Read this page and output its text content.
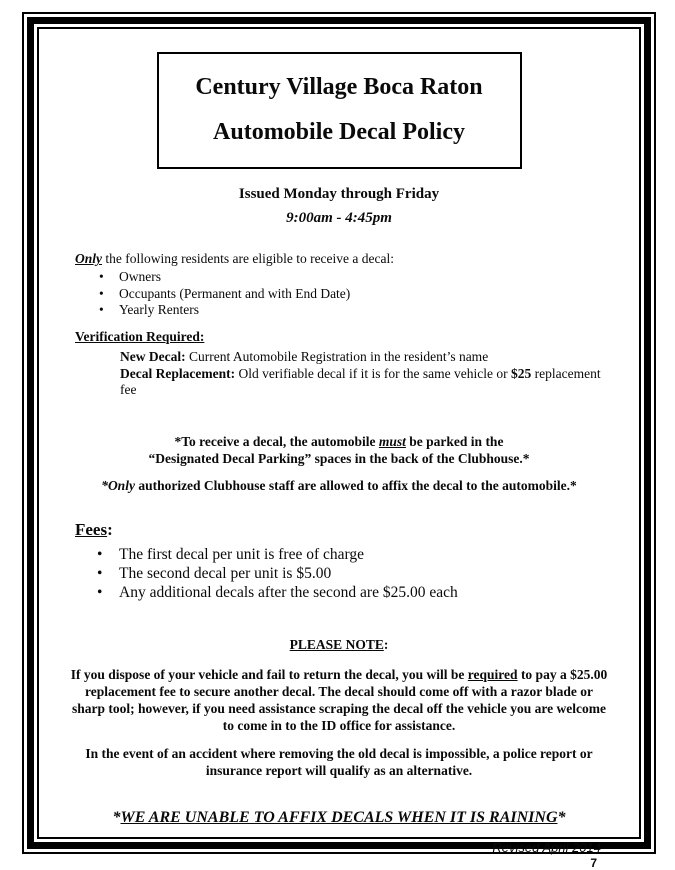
Century Village Boca Raton
Automobile Decal Policy
Issued Monday through Friday
9:00am - 4:45pm
Only the following residents are eligible to receive a decal:
• Owners
• Occupants (Permanent and with End Date)
• Yearly Renters
Verification Required:
New Decal: Current Automobile Registration in the resident’s name
Decal Replacement: Old verifiable decal if it is for the same vehicle or $25 replacement fee
*To receive a decal, the automobile must be parked in the
“Designated Decal Parking” spaces in the back of the Clubhouse.*
*Only authorized Clubhouse staff are allowed to affix the decal to the automobile.*
Fees:
• The first decal per unit is free of charge
• The second decal per unit is $5.00
• Any additional decals after the second are $25.00 each
PLEASE NOTE:
If you dispose of your vehicle and fail to return the decal, you will be required to pay a $25.00 replacement fee to secure another decal. The decal should come off with a razor blade or sharp tool; however, if you need assistance scraping the decal off the vehicle you are welcome to come in to the ID office for assistance.
In the event of an accident where removing the old decal is impossible, a police report or insurance report will qualify as an alternative.
*WE ARE UNABLE TO AFFIX DECALS WHEN IT IS RAINING*
Revised April 2014
7
